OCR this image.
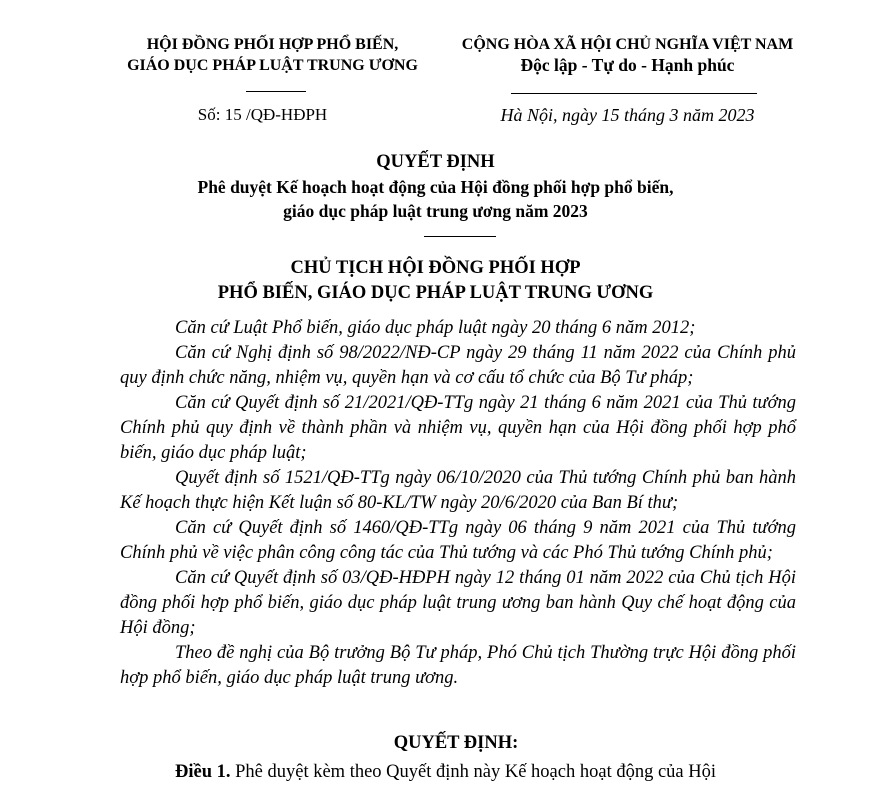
HỘI ĐỒNG PHỐI HỢP PHỔ BIẾN,
GIÁO DỤC PHÁP LUẬT TRUNG ƯƠNG
CỘNG HÒA XÃ HỘI CHỦ NGHĨA VIỆT NAM
Độc lập - Tự do - Hạnh phúc
Số: 15 /QĐ-HĐPH	Hà Nội, ngày 15 tháng 3 năm 2023
QUYẾT ĐỊNH
Phê duyệt Kế hoạch hoạt động của Hội đồng phối hợp phổ biến,
giáo dục pháp luật trung ương năm 2023
CHỦ TỊCH HỘI ĐỒNG PHỐI HỢP
PHỔ BIẾN, GIÁO DỤC PHÁP LUẬT TRUNG ƯƠNG

Căn cứ Luật Phổ biến, giáo dục pháp luật ngày 20 tháng 6 năm 2012;

Căn cứ Nghị định số 98/2022/NĐ-CP ngày 29 tháng 11 năm 2022 của Chính phủ quy định chức năng, nhiệm vụ, quyền hạn và cơ cấu tổ chức của Bộ Tư pháp;

Căn cứ Quyết định số 21/2021/QĐ-TTg ngày 21 tháng 6 năm 2021 của Thủ tướng Chính phủ quy định về thành phần và nhiệm vụ, quyền hạn của Hội đồng phối hợp phổ biến, giáo dục pháp luật;

Quyết định số 1521/QĐ-TTg ngày 06/10/2020 của Thủ tướng Chính phủ ban hành Kế hoạch thực hiện Kết luận số 80-KL/TW ngày 20/6/2020 của Ban Bí thư;

Căn cứ Quyết định số 1460/QĐ-TTg ngày 06 tháng 9 năm 2021 của Thủ tướng Chính phủ về việc phân công công tác của Thủ tướng và các Phó Thủ tướng Chính phủ;

Căn cứ Quyết định số 03/QĐ-HĐPH ngày 12 tháng 01 năm 2022 của Chủ tịch Hội đồng phối hợp phổ biến, giáo dục pháp luật trung ương ban hành Quy chế hoạt động của Hội đồng;

Theo đề nghị của Bộ trưởng Bộ Tư pháp, Phó Chủ tịch Thường trực Hội đồng phối hợp phổ biến, giáo dục pháp luật trung ương.

QUYẾT ĐỊNH:
Điều 1. Phê duyệt kèm theo Quyết định này Kế hoạch hoạt động của Hội
